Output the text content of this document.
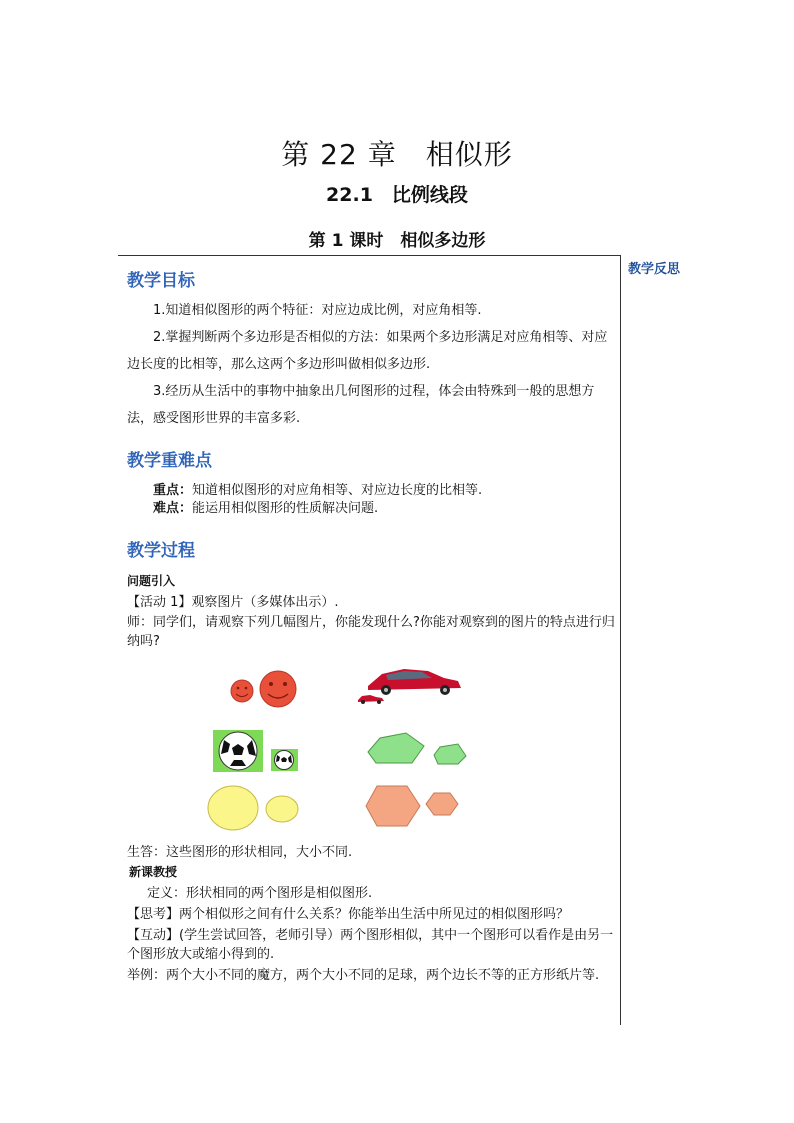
第 22 章　相似形
22.1　比例线段
第 1 课时　相似多边形
教学反思
教学目标

1.知道相似图形的两个特征：对应边成比例，对应角相等.

2.掌握判断两个多边形是否相似的方法：如果两个多边形满足对应角相等、对应边长度的比相等，那么这两个多边形叫做相似多边形.

3.经历从生活中的事物中抽象出几何图形的过程，体会由特殊到一般的思想方法，感受图形世界的丰富多彩.

教学重难点
重点：知道相似图形的对应角相等、对应边长度的比相等.
难点：能运用相似图形的性质解决问题.
教学过程
问题引入
【活动 1】观察图片（多媒体出示）.
师：同学们，请观察下列几幅图片，你能发现什么?你能对观察到的图片的特点进行归纳吗?
生答：这些图形的形状相同，大小不同.
新课教授
定义：形状相同的两个图形是相似图形.
【思考】两个相似形之间有什么关系？你能举出生活中所见过的相似图形吗？
【互动】(学生尝试回答，老师引导）两个图形相似，其中一个图形可以看作是由另一个图形放大或缩小得到的.
举例：两个大小不同的魔方，两个大小不同的足球，两个边长不等的正方形纸片等.
